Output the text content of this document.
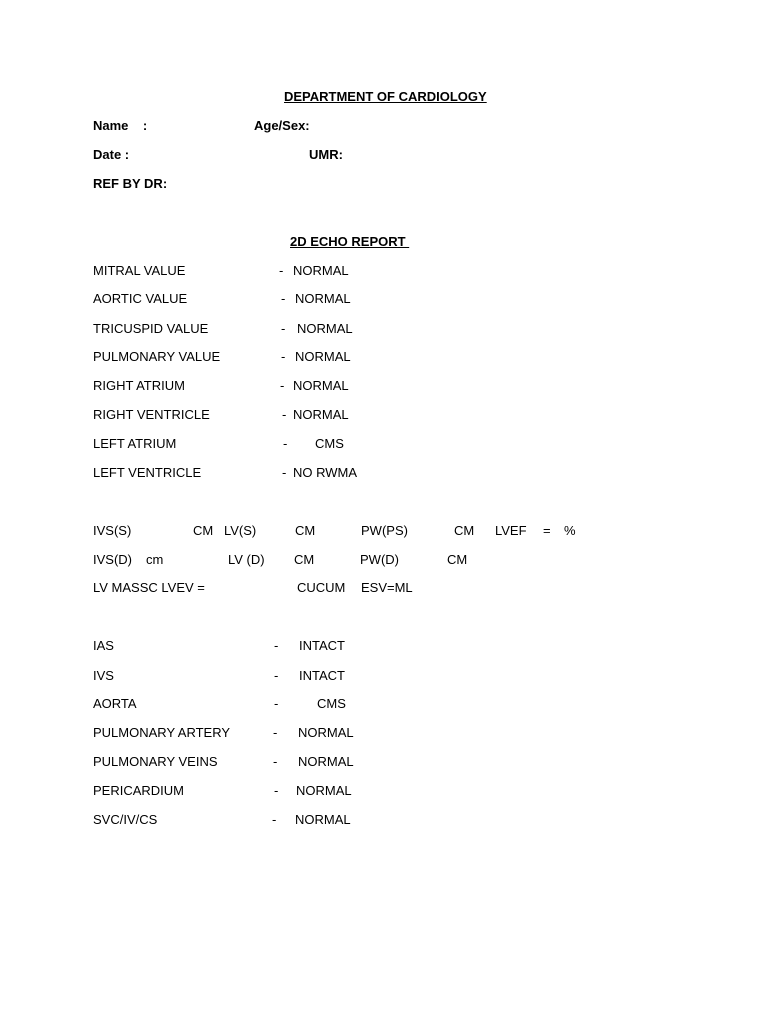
DEPARTMENT OF CARDIOLOGY
Name    :	Age/Sex:
Date :	UMR:
REF BY DR:
2D ECHO REPORT
MITRAL VALUE	- NORMAL
AORTIC VALUE	- NORMAL
TRICUSPID VALUE	- NORMAL
PULMONARY VALUE	- NORMAL
RIGHT ATRIUM	- NORMAL
RIGHT VENTRICLE	- NORMAL
LEFT ATRIUM	- CMS
LEFT VENTRICLE	- NO RWMA
IVS(S)	CM LV(S)	CM	PW(PS)	CM LVEF = %
IVS(D) cm	LV (D) CM	PW(D)	CM
LV MASSC LVEV =	CUCUM ESV=ML
IAS	- INTACT
IVS	- INTACT
AORTA	-	CMS
PULMONARY ARTERY	- NORMAL
PULMONARY VEINS	- NORMAL
PERICARDIUM	- NORMAL
SVC/IV/CS	- NORMAL
